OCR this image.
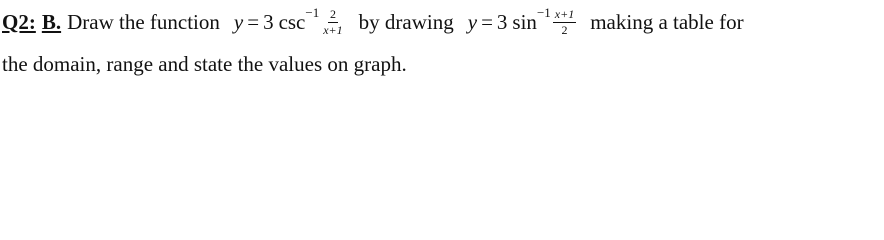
Q2: B. Draw the function y = 3 $\csc -1 \frac{2}{x+1}$ by drawing y = 3 $\sin -1 \frac{x+1}{2}$ making a table for
the domain, range and state the values on graph.
